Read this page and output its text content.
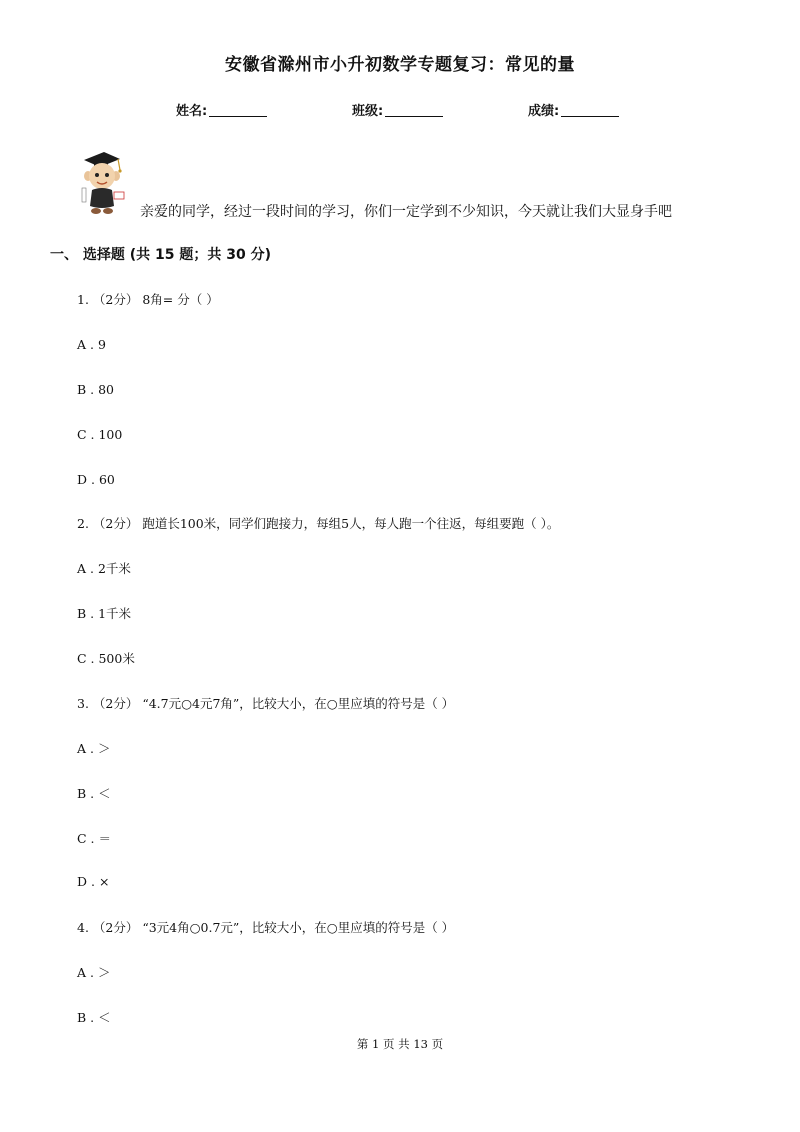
安徽省滁州市小升初数学专题复习：常见的量
姓名:	班级:	成绩:
亲爱的同学，经过一段时间的学习，你们一定学到不少知识，今天就让我们大显身手吧
一、 选择题 (共 15 题；共 30 分)
1. （2分） 8角= 分（ ）
A . 9
B . 80
C . 100
D . 60
2. （2分） 跑道长100米，同学们跑接力，每组5人，每人跑一个往返，每组要跑（ ）。
A . 2千米
B . 1千米
C . 500米
3. （2分） “4.7元○4元7角”，比较大小，在○里应填的符号是（ ）
A . ＞
B . ＜
C . ＝
D . ×
4. （2分） “3元4角○0.7元”，比较大小，在○里应填的符号是（ ）
A . ＞
B . ＜
第 1 页 共 13 页
